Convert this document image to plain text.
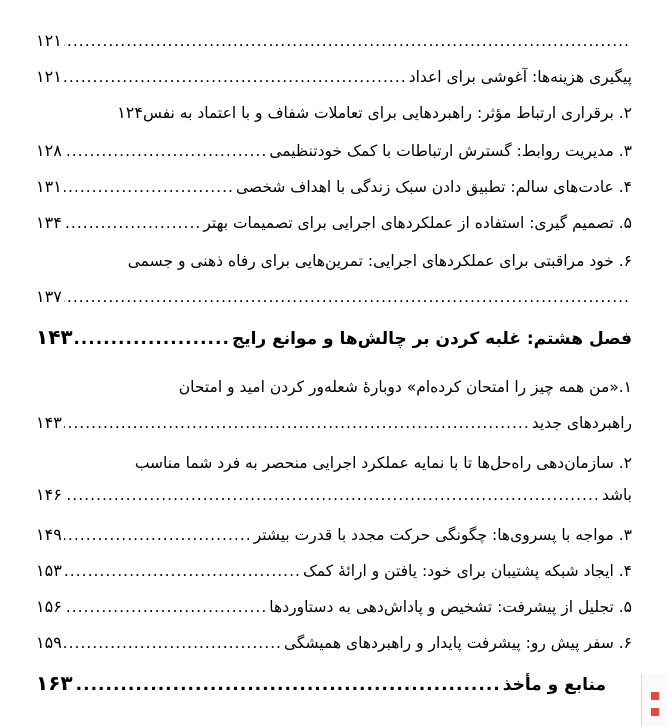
.....
۱۲۱
پیگیری هزینه‌ها: آغوشی برای اعداد
.....
۱۲۱
۲. برقراری ارتباط مؤثر: راهبردهایی برای تعاملات شفاف و با اعتماد به نفس
۱۲۴
۳. مدیریت روابط: گسترش ارتباطات با کمک خودتنظیمی
.....
۱۲۸
۴. عادت‌های سالم: تطبیق دادن سبک زندگی با اهداف شخصی
.....
۱۳۱
۵. تصمیم گیری: استفاده از عملکردهای اجرایی برای تصمیمات بهتر
.....
۱۳۴
۶. خود مراقبتی برای عملکردهای اجرایی: تمرین‌هایی برای رفاه ذهنی و جسمی
.....
۱۳۷
فصل هشتم: غلبه کردن بر چالش‌ها و موانع رایج
.....
۱۴۳
۱.«من همه چیز را امتحان کرده‌ام» دوبارهٔ شعله‌ور کردن امید و امتحان
راهبردهای جدید
.....
۱۴۳
۲. سازمان‌دهی راه‌حل‌ها تا با نمایه عملکرد اجرایی منحصر به فرد شما مناسب
باشد
.....
۱۴۶
۳. مواجه با پسروی‌ها: چگونگی حرکت مجدد با قدرت بیشتر
.....
۱۴۹
۴. ایجاد شبکه پشتیبان برای خود: یافتن و ارائهٔ کمک
.....
۱۵۳
۵. تجلیل از پیشرفت: تشخیص و پاداش‌دهی به دستاوردها
.....
۱۵۶
۶. سفر پیش رو: پیشرفت پایدار و راهبردهای همیشگی
.....
۱۵۹
منابع و مأخذ
.....
۱۶۳
